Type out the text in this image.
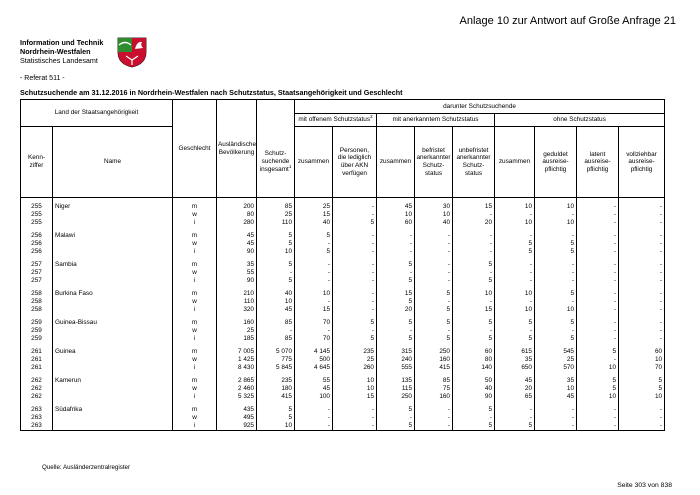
Anlage 10 zur Antwort auf Große Anfrage 21
Information und Technik
Nordrhein-Westfalen
Statistisches Landesamt
- Referat 511 -
Schutzsuchende am 31.12.2016 in Nordrhein-Westfalen nach Schutzstatus, Staatsangehörigkeit und Geschlecht
Land der Staatsangehörigkeit		Geschlecht	Ausländische
Bevölkerung		darunter Schutzsuchende								
					mit offenem Schutzstatus$^2$		mit anerkanntem Schutzstatus			ohne Schutzstatus			
Kenn-
ziffer	Name			Schutz-
suchende
insgesamt$^1$	zusammen	Personen,
die lediglich
über AKN
verfügen	zusammen	befristet
anerkannter
Schutz-
status	unbefristet
anerkannter
Schutz-
status	zusammen	geduldet
ausreise-
pflichtig	latent
ausreise-
pflichtig	vollziehbar
ausreise-
pflichtig
255	Niger	m	200	85	25	-	45	30	15	10	10	-	-
255		w	80	25	15	-	10	10	-	-	-	-	-
255		i	280	110	40	5	60	40	20	10	10	-	-
256	Malawi	m	45	5	5	-	-	-	-	-	-	-	-
256		w	45	5	-	-	-	-	-	5	5	-	-
256		i	90	10	5	-	-	-	-	5	5	-	-
257	Sambia	m	35	5	-	-	5	-	5	-	-	-	-
257		w	55	-	-	-	-	-	-	-	-	-	-
257		i	90	5	-	-	5	-	5	-	-	-	-
258	Burkina Faso	m	210	40	10	-	15	5	10	10	5	-	-
258		w	110	10	-	-	5	-	-	-	-	-	-
258		i	320	45	15	-	20	5	15	10	10	-	-
259	Guinea-Bissau	m	160	85	70	5	5	5	5	5	5	-	-
259		w	25	-	-	-	-	-	-	-	-	-	-
259		i	185	85	70	5	5	5	5	5	5	-	-
261	Guinea	m	7 005	5 070	4 145	235	315	250	60	615	545	5	60
261		w	1 425	775	500	25	240	160	80	35	25	-	10
261		i	8 430	5 845	4 645	260	555	415	140	650	570	10	70
262	Kamerun	m	2 865	235	55	10	135	85	50	45	35	5	5
262		w	2 460	180	45	10	115	75	40	20	10	5	5
262		i	5 325	415	100	15	250	160	90	65	45	10	10
263	Südafrika	m	435	5	-	-	5	-	5	-	-	-	-
263		w	495	5	-	-	-	-	-	-	-	-	-
263		i	925	10	-	-	5	-	5	5	-	-	-
Quelle: Ausländerzentralregister
Seite 303 von 838
